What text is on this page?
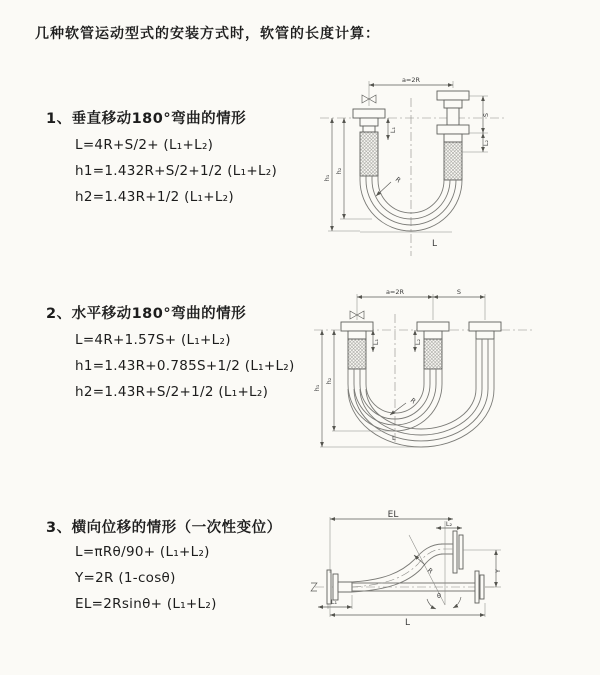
几种软管运动型式的安装方式时，软管的长度计算：
1、垂直移动180°弯曲的情形
L=4R+S/2+ (L₁+L₂)
h1=1.432R+S/2+1/2 (L₁+L₂)
h2=1.43R+1/2 (L₁+L₂)
2、水平移动180°弯曲的情形
L=4R+1.57S+ (L₁+L₂)
h1=1.43R+0.785S+1/2 (L₁+L₂)
h2=1.43R+S/2+1/2 (L₁+L₂)
3、横向位移的情形（一次性变位）
L=πRθ/90+ (L₁+L₂)
Y=2R (1-cosθ)
EL=2Rsinθ+ (L₁+L₂)
a=2R
L₁
h₁
h₂
S
L₂
R
L
a=2R	S
h₁
h₂
L₁	L₂
R
L
EL
L₂
Y
R
θ
L₁
L
